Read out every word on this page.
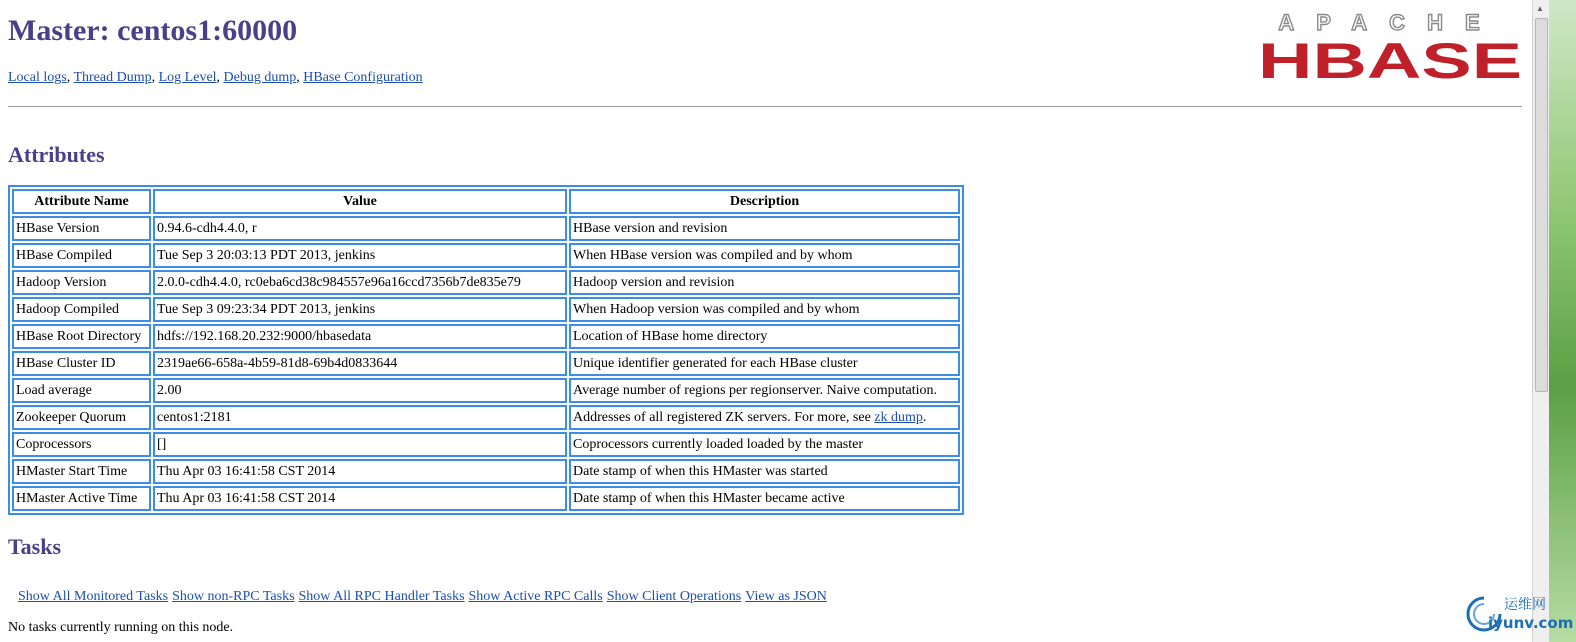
Master: centos1:60000
Local logs, Thread Dump, Log Level, Debug dump, HBase Configuration
APACHE
HBASE
Attributes
Attribute Name	Value	Description
HBase Version	0.94.6-cdh4.4.0, r	HBase version and revision
HBase Compiled	Tue Sep 3 20:03:13 PDT 2013, jenkins	When HBase version was compiled and by whom
Hadoop Version	2.0.0-cdh4.4.0, rc0eba6cd38c984557e96a16ccd7356b7de835e79	Hadoop version and revision
Hadoop Compiled	Tue Sep 3 09:23:34 PDT 2013, jenkins	When Hadoop version was compiled and by whom
HBase Root Directory	hdfs://192.168.20.232:9000/hbasedata	Location of HBase home directory
HBase Cluster ID	2319ae66-658a-4b59-81d8-69b4d0833644	Unique identifier generated for each HBase cluster
Load average	2.00	Average number of regions per regionserver. Naive computation.
Zookeeper Quorum	centos1:2181	Addresses of all registered ZK servers. For more, see zk dump.
Coprocessors	[]	Coprocessors currently loaded loaded by the master
HMaster Start Time	Thu Apr 03 16:41:58 CST 2014	Date stamp of when this HMaster was started
HMaster Active Time	Thu Apr 03 16:41:58 CST 2014	Date stamp of when this HMaster became active
Tasks
Show All Monitored Tasks Show non-RPC Tasks Show All RPC Handler Tasks Show Active RPC Calls Show Client Operations View as JSON

No tasks currently running on this node.

▲
运维网
iyunv.com
